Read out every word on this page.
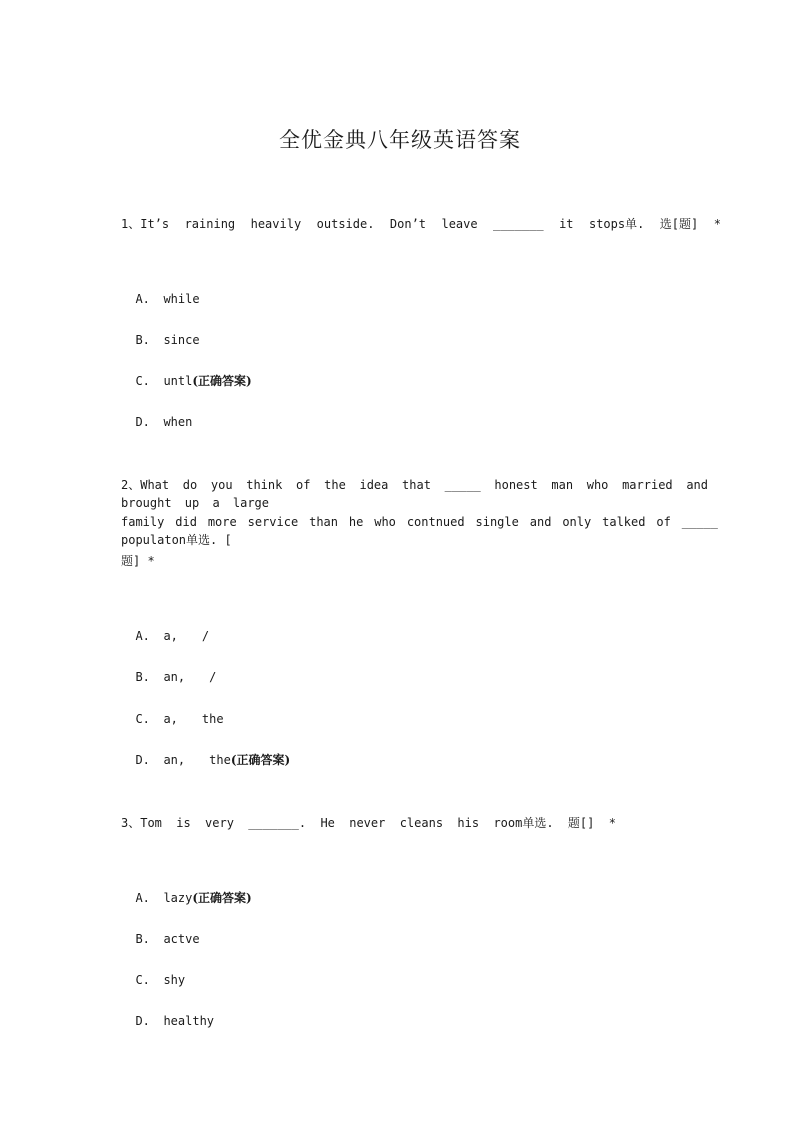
全优金典八年级英语答案
1、It’s raining heavily outside. Don’t leave _______ it stops单. 选[题] *

A. while

B. since

C. untl(正确答案)

D. when

2、What do you think of the idea that _____ honest man who married and
brought up a large
family did more service than he who contnued single and only talked of _____
populaton单选. [
题] *

A. a, /

B. an, /

C. a, the

D. an, the(正确答案)

3、Tom is very _______. He never cleans his room单选. 题[] *

A. lazy(正确答案)

B. actve

C. shy

D. healthy
